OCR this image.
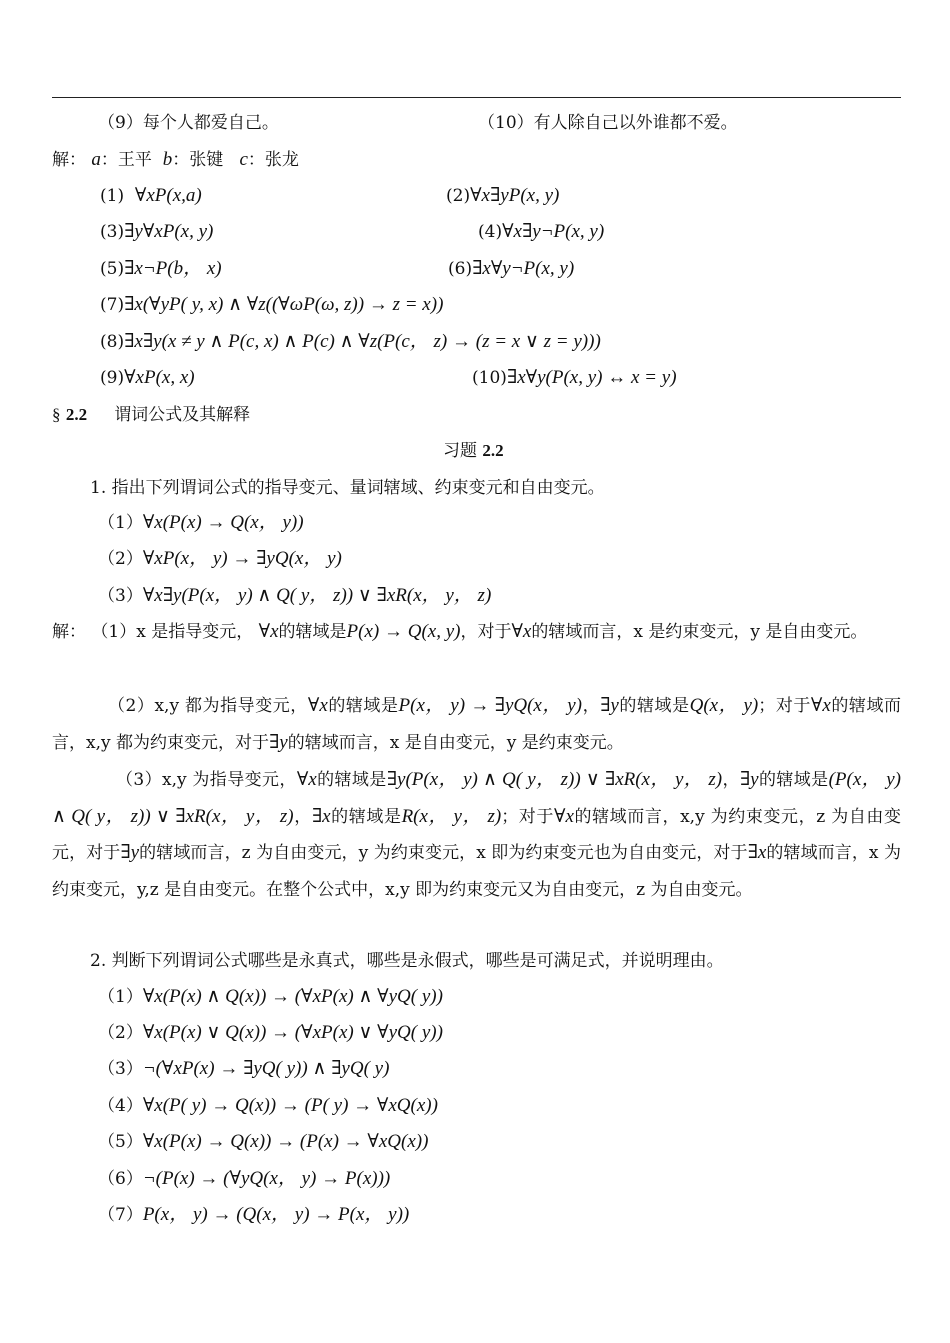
（9）每个人都爱自己。	（10）有人除自己以外谁都不爱。
解： a：王平 b：张键 c：张龙
(1) ∀xP(x,a)	(2)∀x∃yP(x, y)
(3)∃y∀xP(x, y)	(4)∀x∃y¬P(x, y)
(5)∃x¬P(b， x)	(6)∃x∀y¬P(x, y)
(7)∃x(∀yP( y, x) ∧ ∀z((∀ωP(ω, z)) → z = x))
(8)∃x∃y(x ≠ y ∧ P(c, x) ∧ P(c) ∧ ∀z(P(c， z) → (z = x ∨ z = y)))
(9)∀xP(x, x)	(10)∃x∀y(P(x, y) ↔ x = y)
§ 2.2 谓词公式及其解释
习题 2.2
1. 指出下列谓词公式的指导变元、量词辖域、约束变元和自由变元。
（1）∀x(P(x) → Q(x， y))
（2）∀xP(x， y) → ∃yQ(x， y)
（3）∀x∃y(P(x， y) ∧ Q( y， z)) ∨ ∃xR(x， y， z)
解： （1）x 是指导变元， ∀x的辖域是P(x) → Q(x, y)，对于∀x的辖域而言，x 是约束变元，y 是自由变元。
（2）x,y 都为指导变元，∀x的辖域是P(x， y) → ∃yQ(x， y)，∃y的辖域是Q(x， y)；对于∀x的辖域而言，x,y 都为约束变元，对于∃y的辖域而言，x 是自由变元，y 是约束变元。
（3）x,y 为指导变元，∀x的辖域是∃y(P(x， y) ∧ Q( y， z)) ∨ ∃xR(x， y， z)，∃y的辖域是(P(x， y) ∧ Q( y， z)) ∨ ∃xR(x， y， z)，∃x的辖域是R(x， y， z)；对于∀x的辖域而言，x,y 为约束变元，z 为自由变元，对于∃y的辖域而言，z 为自由变元，y 为约束变元，x 即为约束变元也为自由变元，对于∃x的辖域而言，x 为约束变元，y,z 是自由变元。在整个公式中，x,y 即为约束变元又为自由变元，z 为自由变元。
2. 判断下列谓词公式哪些是永真式，哪些是永假式，哪些是可满足式，并说明理由。
（1）∀x(P(x) ∧ Q(x)) → (∀xP(x) ∧ ∀yQ( y))
（2）∀x(P(x) ∨ Q(x)) → (∀xP(x) ∨ ∀yQ( y))
（3）¬(∀xP(x) → ∃yQ( y)) ∧ ∃yQ( y)
（4）∀x(P( y) → Q(x)) → (P( y) → ∀xQ(x))
（5）∀x(P(x) → Q(x)) → (P(x) → ∀xQ(x))
（6）¬(P(x) → (∀yQ(x， y) → P(x)))
（7）P(x， y) → (Q(x， y) → P(x， y))
